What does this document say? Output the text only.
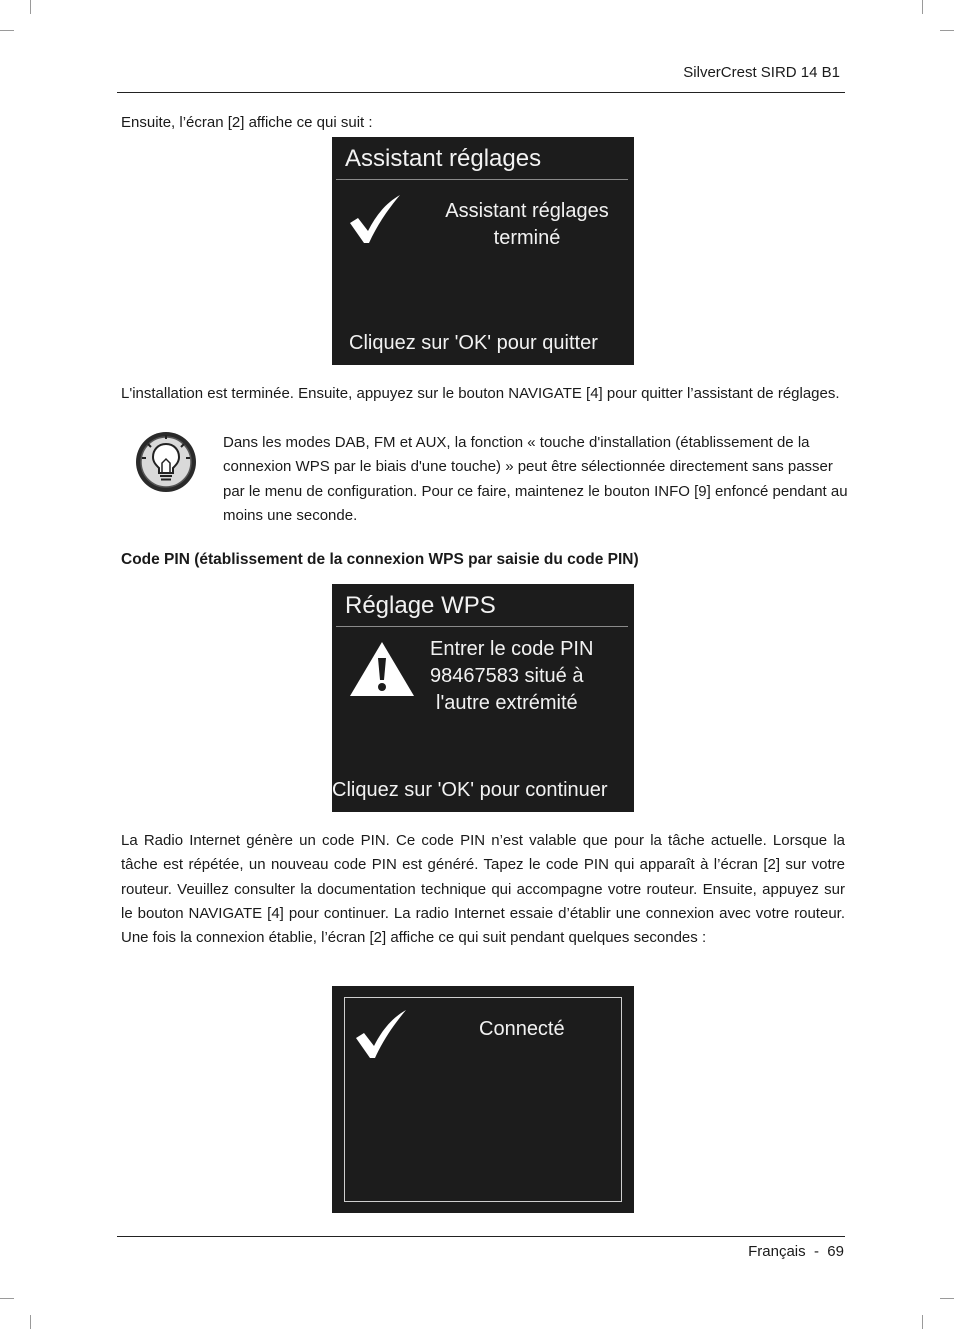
SilverCrest SIRD 14 B1

Ensuite, l’écran [2] affiche ce qui suit :

Assistant réglages
Assistant réglages
terminé
Cliquez sur 'OK' pour quitter

L'installation est terminée. Ensuite, appuyez sur le bouton NAVIGATE [4] pour quitter l’assistant de réglages.

Dans les modes DAB, FM et AUX, la fonction « touche d'installation (établissement de la connexion WPS par le biais d'une touche) » peut être sélectionnée directement sans passer par le menu de configuration. Pour ce faire, maintenez le bouton INFO [9] enfoncé pendant au moins une seconde.

Code PIN (établissement de la connexion WPS par saisie du code PIN)
Réglage WPS
Entrer le code PIN
98467583 situé à
l'autre extrémité
Cliquez sur 'OK' pour continuer

La Radio Internet génère un code PIN. Ce code PIN n’est valable que pour la tâche actuelle. Lorsque la tâche est répétée, un nouveau code PIN est généré. Tapez le code PIN qui apparaît à l’écran [2] sur votre routeur. Veuillez consulter la documentation technique qui accompagne votre routeur. Ensuite, appuyez sur le bouton NAVIGATE [4] pour continuer. La radio Internet essaie d’établir une connexion avec votre routeur. Une fois la connexion établie, l’écran [2] affiche ce qui suit pendant quelques secondes :

Connecté
Français  -  69
